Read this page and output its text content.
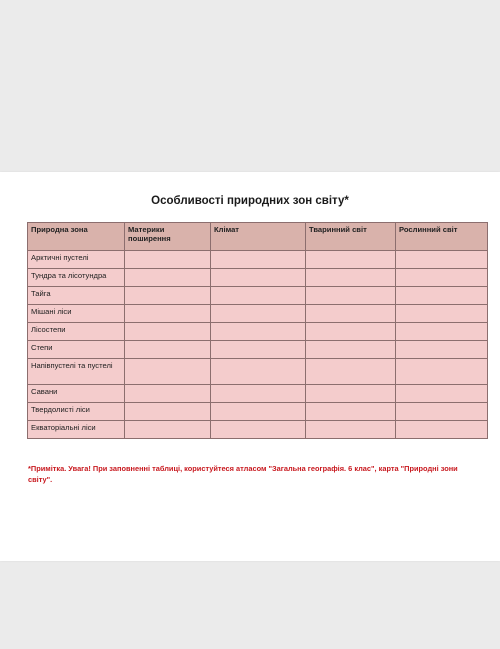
Особливості природних зон світу*
Природна зона	Материки поширення	Клімат	Тваринний світ	Рослинний світ
Арктичні пустелі				
Тундра та лісотундра				
Тайга				
Мішані ліси				
Лісостепи				
Степи				
Напівпустелі та пустелі				
Савани				
Твердолисті ліси				
Екваторіальні ліси				
*Примітка. Увага! При заповненні таблиці, користуйтеся атласом "Загальна географія. 6 клас", карта "Природні зони світу".
